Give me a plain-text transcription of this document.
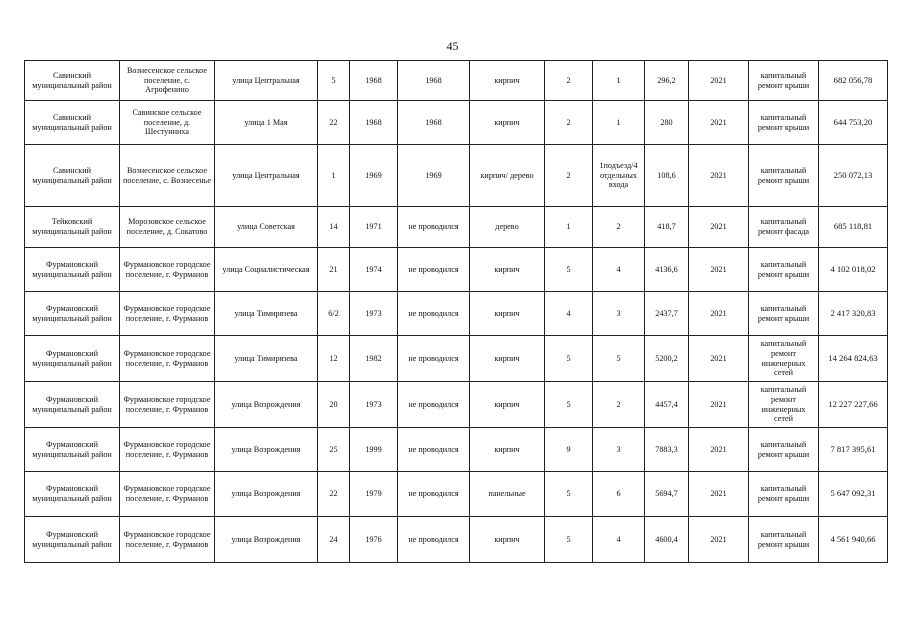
45
Савинский муниципальный район	Вознесенское сельское поселение, с. Агрофенино	улица Центральная	5	1968	1968	кирпич	2	1	296,2	2021	капитальный ремонт крыши	682 056,78
Савинский муниципальный район	Савинское сельское поселение, д. Шестунниха	улица 1 Мая	22	1968	1968	кирпич	2	1	280	2021	капитальный ремонт крыши	644 753,20
Савинский муниципальный район	Вознесенское сельское поселение, с. Вознесенье	улица Центральная	1	1969	1969	кирпич/ дерево	2	1подъезд/4 отдельных входа	108,6	2021	капитальный ремонт крыши	250 072,13
Тейковский муниципальный район	Морозовское сельское поселение, д. Сокатово	улица Советская	14	1971	не проводился	дерево	1	2	418,7	2021	капитальный ремонт фасада	685 118,81
Фурмановский муниципальный район	Фурмановское городское поселение, г. Фурманов	улица Социалистическая	21	1974	не проводился	кирпич	5	4	4136,6	2021	капитальный ремонт крыши	4 102 018,02
Фурмановский муниципальный район	Фурмановское городское поселение, г. Фурманов	улица Тимирязева	6/2	1973	не проводился	кирпич	4	3	2437,7	2021	капитальный ремонт крыши	2 417 320,83
Фурмановский муниципальный район	Фурмановское городское поселение, г. Фурманов	улица Тимирязева	12	1982	не проводился	кирпич	5	5	5200,2	2021	капитальный ремонт инженерных сетей	14 264 824,63
Фурмановский муниципальный район	Фурмановское городское поселение, г. Фурманов	улица Возрождения	20	1973	не проводился	кирпич	5	2	4457,4	2021	капитальный ремонт инженерных сетей	12 227 227,66
Фурмановский муниципальный район	Фурмановское городское поселение, г. Фурманов	улица Возрождения	25	1999	не проводился	кирпич	9	3	7883,3	2021	капитальный ремонт крыши	7 817 395,61
Фурмановский муниципальный район	Фурмановское городское поселение, г. Фурманов	улица Возрождения	22	1979	не проводился	панельные	5	6	5694,7	2021	капитальный ремонт крыши	5 647 092,31
Фурмановский муниципальный район	Фурмановское городское поселение, г. Фурманов	улица Возрождения	24	1976	не проводился	кирпич	5	4	4600,4	2021	капитальный ремонт крыши	4 561 940,66
